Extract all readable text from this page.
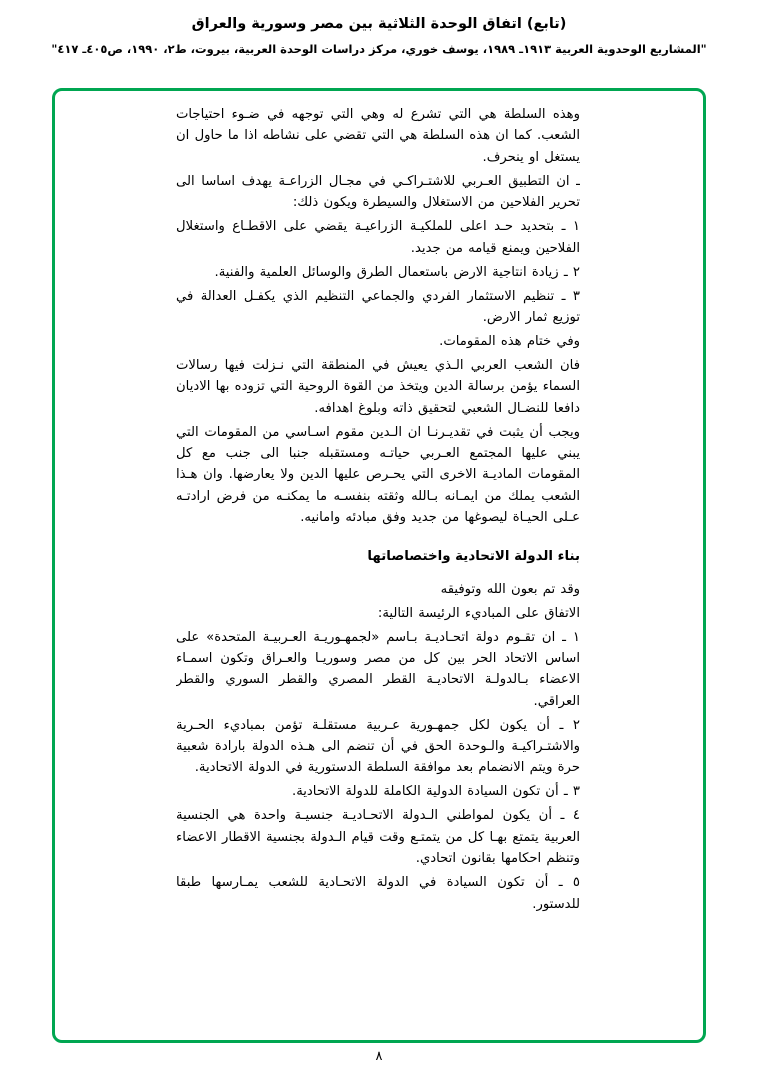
(تابع) اتفاق الوحدة الثلاثية بين مصر وسورية والعراق
"المشاريع الوحدوية العربية ١٩١٣ـ ١٩٨٩، يوسف خوري، مركز دراسات الوحدة العربية، بيروت، ط٢، ١٩٩٠، ص٤٠٥ـ ٤١٧"

وهذه السلطة هي التي تشرع له وهي التي توجهه في ضـوء احتياجات الشعب. كما ان هذه السلطة هي التي تقضي على نشاطه اذا ما حاول ان يستغل او ينحرف.

ـ ان التطبيق العـربي للاشتـراكـي في مجـال الزراعـة يهدف اساسا الى تحرير الفلاحين من الاستغلال والسيطرة ويكون ذلك:

١ ـ بتحديد حـد اعلى للملكيـة الزراعيـة يقضي على الاقطـاع واستغلال الفلاحين ويمنع قيامه من جديد.

٢ ـ زيادة انتاجية الارض باستعمال الطرق والوسائل العلمية والفنية.

٣ ـ تنظيم الاستثمار الفردي والجماعي التنظيم الذي يكفـل العدالة في توزيع ثمار الارض.

وفي ختام هذه المقومات.

فان الشعب العربي الـذي يعيش في المنطقة التي نـزلت فيها رسالات السماء يؤمن برسالة الدين ويتخذ من القوة الروحية التي تزوده بها الاديان دافعا للنضـال الشعبي لتحقيق ذاته وبلوغ اهدافه.

ويجب أن يثبت في تقديـرنـا ان الـدين مقوم اسـاسي من المقومات التي يبني عليها المجتمع العـربي حياتـه ومستقبله جنبا الى جنب مع كل المقومات الماديـة الاخرى التي يحـرص عليها الدين ولا يعارضها. وان هـذا الشعب يملك من ايمـانه بـالله وثقته بنفسـه ما يمكنـه من فرض ارادتـه عـلى الحيـاة ليصوغها من جديد وفق مبادئه وامانيه.

بناء الدولة الاتحادية واختصاصاتها

وقد تم بعون الله وتوفيقه

الاتفاق على المباديء الرئيسة التالية:

١ ـ ان تقـوم دولة اتحـاديـة بـاسم «لجمهـوريـة العـربيـة المتحدة» على اساس الاتحاد الحر بين كل من مصر وسوريـا والعـراق وتكون اسمـاء الاعضاء بـالدولـة الاتحاديـة القطر المصري والقطر السوري والقطر العراقي.

٢ ـ أن يكون لكل جمهـورية عـربية مستقلـة تؤمن بمباديء الحـرية والاشتـراكيـة والـوحدة الحق في أن تنضم الى هـذه الدولة بارادة شعبية حرة ويتم الانضمام بعد موافقة السلطة الدستورية في الدولة الاتحادية.

٣ ـ أن تكون السيادة الدولية الكاملة للدولة الاتحادية.

٤ ـ أن يكون لمواطني الـدولة الاتحـاديـة جنسيـة واحدة هي الجنسية العربية يتمتع بهـا كل من يتمتـع وقت قيام الـدولة بجنسية الاقطار الاعضاء وتنظم احكامها بقانون اتحادي.

٥ ـ أن تكون السيادة في الدولة الاتحـادية للشعب يمـارسها طبقا للدستور.

٨
